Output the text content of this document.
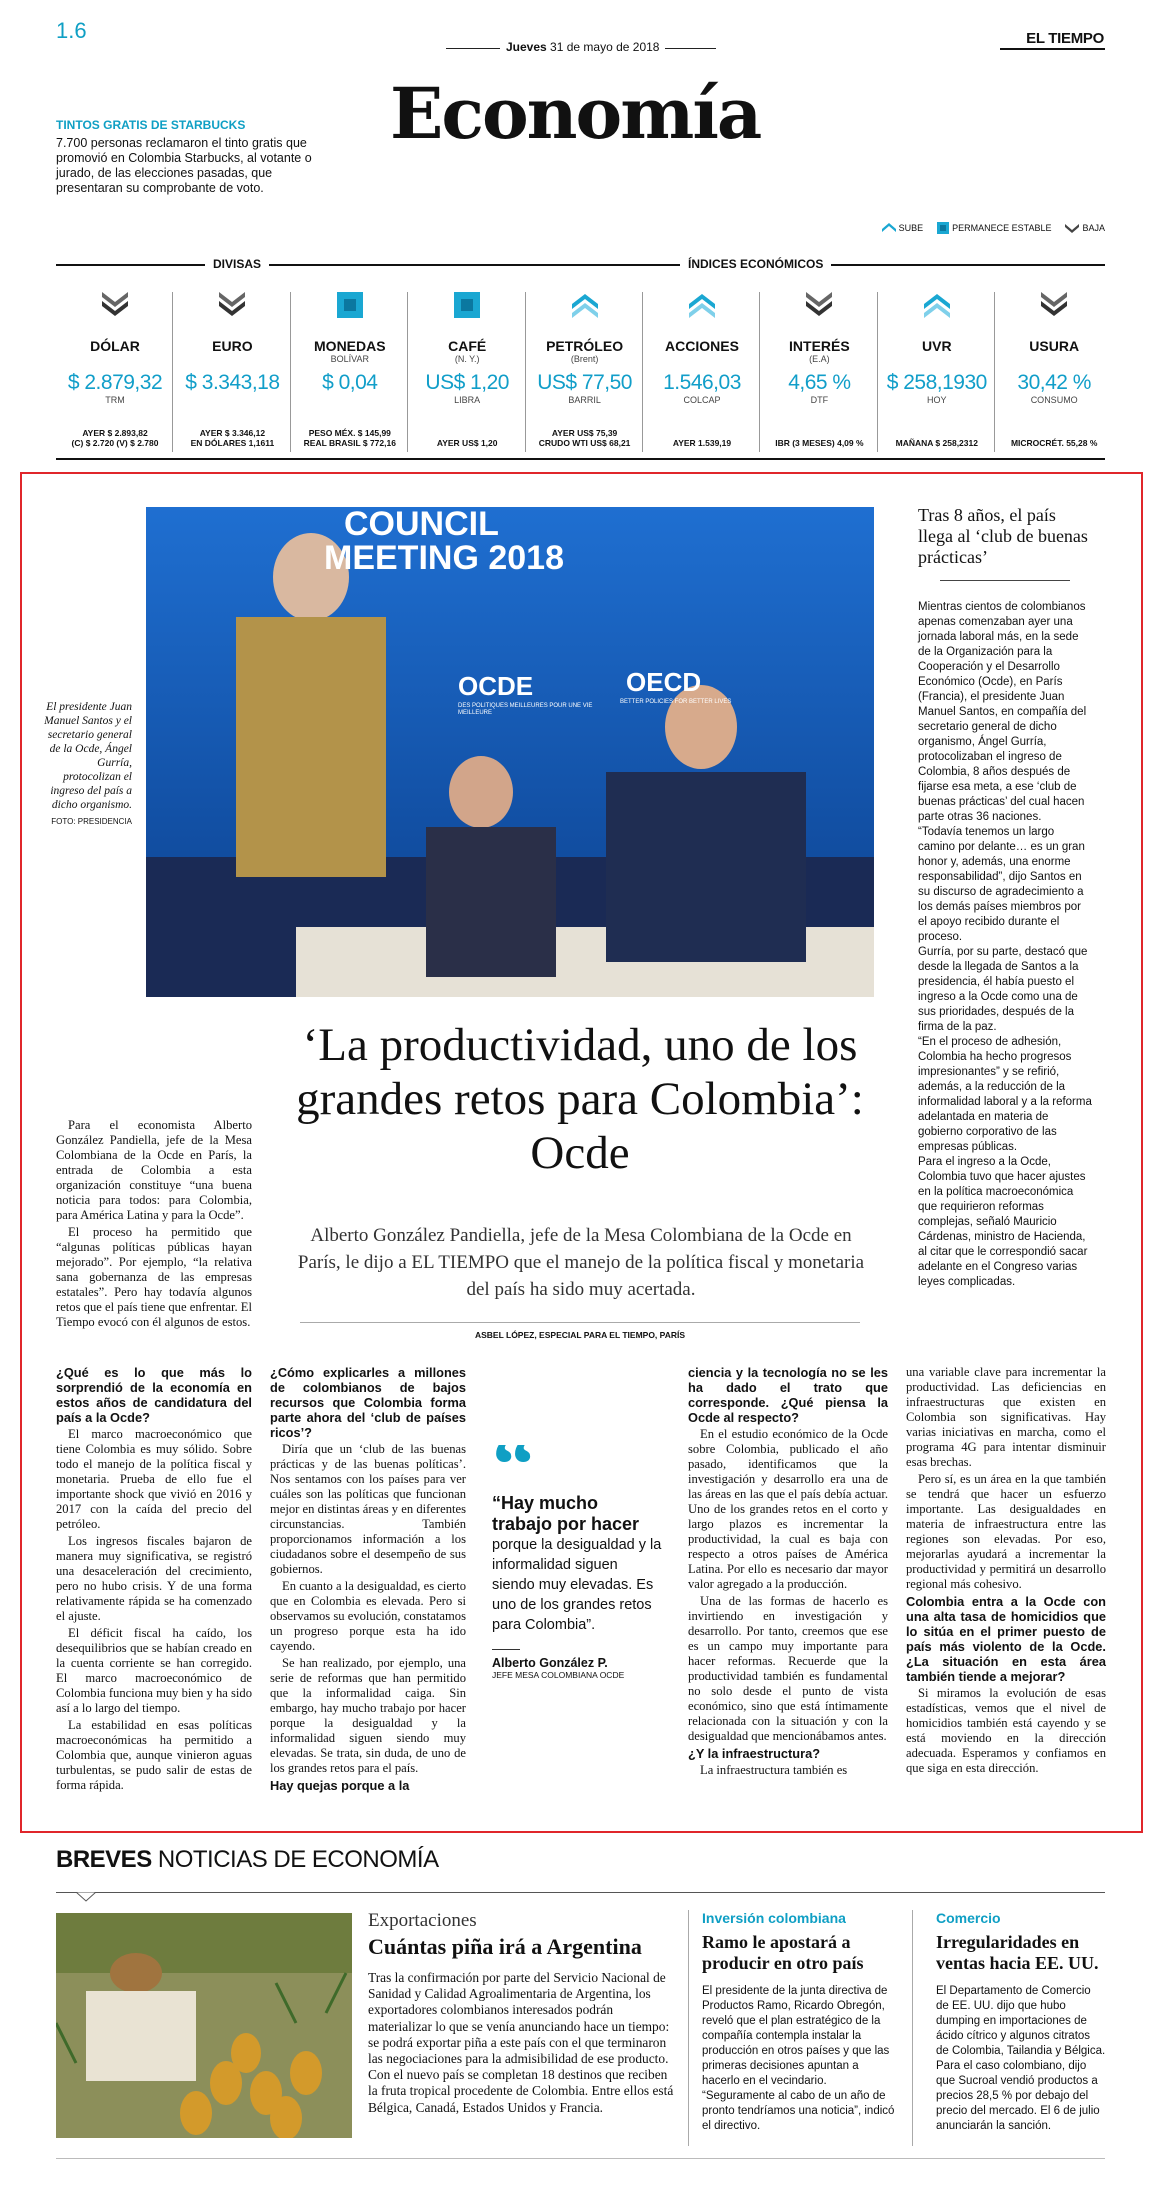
1.6
Jueves 31 de mayo de 2018	EL TIEMPO
Economía
TINTOS GRATIS DE STARBUCKS
7.700 personas reclamaron el tinto gratis que promovió en Colombia Starbucks, al votante o jurado, de las elecciones pasadas, que presentaran su comprobante de voto.
SUBE	PERMANECE ESTABLE	BAJA
DIVISAS	ÍNDICES ECONÓMICOS
DÓLAR
$ 2.879,32
TRM
AYER $ 2.893,82
(C) $ 2.720 (V) $ 2.780
EURO
$ 3.343,18
AYER $ 3.346,12
EN DÓLARES 1,1611
MONEDAS
BOLÍVAR
$ 0,04
PESO MÉX. $ 145,99
REAL BRASIL $ 772,16
CAFÉ
(N. Y.)
US$ 1,20
LIBRA
AYER US$ 1,20
PETRÓLEO
(Brent)
US$ 77,50
BARRIL
AYER US$ 75,39
CRUDO WTI US$ 68,21
ACCIONES
1.546,03
COLCAP
AYER 1.539,19
INTERÉS
(E.A)
4,65 %
DTF
IBR (3 MESES) 4,09 %
UVR
$ 258,1930
HOY
MAÑANA $ 258,2312
USURA
30,42 %
CONSUMO
MICROCRÉT. 55,28 %
COUNCIL
MEETING 2018
OCDE
DES POLITIQUES MEILLEURES POUR UNE VIE MEILLEURE
OECD
BETTER POLICIES FOR BETTER LIVES
El presidente Juan Manuel Santos y el secretario general de la Ocde, Ángel Gurría, protocolizan el ingreso del país a dicho organismo.
FOTO: PRESIDENCIA
Tras 8 años, el país llega al ‘club de buenas prácticas’

Mientras cientos de colombianos apenas comenzaban ayer una jornada laboral más, en la sede de la Organización para la Cooperación y el Desarrollo Económico (Ocde), en París (Francia), el presidente Juan Manuel Santos, en compañía del secretario general de dicho organismo, Ángel Gurría, protocolizaban el ingreso de Colombia, 8 años después de fijarse esa meta, a ese ‘club de buenas prácticas’ del cual hacen parte otras 36 naciones.

“Todavía tenemos un largo camino por delante… es un gran honor y, además, una enorme responsabilidad”, dijo Santos en su discurso de agradecimiento a los demás países miembros por el apoyo recibido durante el proceso.

Gurría, por su parte, destacó que desde la llegada de Santos a la presidencia, él había puesto el ingreso a la Ocde como una de sus prioridades, después de la firma de la paz.

“En el proceso de adhesión, Colombia ha hecho progresos impresionantes” y se refirió, además, a la reducción de la informalidad laboral y a la reforma adelantada en materia de gobierno corporativo de las empresas públicas.

Para el ingreso a la Ocde, Colombia tuvo que hacer ajustes en la política macroeconómica que requirieron reformas complejas, señaló Mauricio Cárdenas, ministro de Hacienda, al citar que le correspondió sacar adelante en el Congreso varias leyes complicadas.

‘La productividad, uno de los grandes retos para Colombia’: Ocde
Alberto González Pandiella, jefe de la Mesa Colombiana de la Ocde en París, le dijo a EL TIEMPO que el manejo de la política fiscal y monetaria del país ha sido muy acertada.
ASBEL LÓPEZ, ESPECIAL PARA EL TIEMPO, PARÍS

Para el economista Alberto González Pandiella, jefe de la Mesa Colombiana de la Ocde en París, la entrada de Colombia a esta organización constituye “una buena noticia para todos: para Colombia, para América Latina y para la Ocde”.

El proceso ha permitido que “algunas políticas públicas hayan mejorado”. Por ejemplo, “la relativa sana gobernanza de las empresas estatales”. Pero hay todavía algunos retos que el país tiene que enfrentar. El Tiempo evocó con él algunos de estos.

¿Qué es lo que más lo sorprendió de la economía en estos años de candidatura del país a la Ocde?

El marco macroeconómico que tiene Colombia es muy sólido. Sobre todo el manejo de la política fiscal y monetaria. Prueba de ello fue el importante shock que vivió en 2016 y 2017 con la caída del precio del petróleo.

Los ingresos fiscales bajaron de manera muy significativa, se registró una desaceleración del crecimiento, pero no hubo crisis. Y de una forma relativamente rápida se ha comenzado el ajuste.

El déficit fiscal ha caído, los desequilibrios que se habían creado en la cuenta corriente se han corregido. El marco macroeconómico de Colombia funciona muy bien y ha sido así a lo largo del tiempo.

La estabilidad en esas políticas macroeconómicas ha permitido a Colombia que, aunque vinieron aguas turbulentas, se pudo salir de estas de forma rápida.

¿Cómo explicarles a millones de colombianos de bajos recursos que Colombia forma parte ahora del ‘club de países ricos’?

Diría que un ‘club de las buenas prácticas y de las buenas políticas’. Nos sentamos con los países para ver cuáles son las políticas que funcionan mejor en distintas áreas y en diferentes circunstancias. También proporcionamos información a los ciudadanos sobre el desempeño de sus gobiernos.

En cuanto a la desigualdad, es cierto que en Colombia es elevada. Pero si observamos su evolución, constatamos un progreso porque esta ha ido cayendo.

Se han realizado, por ejemplo, una serie de reformas que han permitido que la informalidad caiga. Sin embargo, hay mucho trabajo por hacer porque la desigualdad y la informalidad siguen siendo muy elevadas. Se trata, sin duda, de uno de los grandes retos para el país.

Hay quejas porque a la

“Hay mucho trabajo por hacer
porque la desigualdad y la informalidad siguen siendo muy elevadas. Es uno de los grandes retos para Colombia”.
Alberto González P.
JEFE MESA COLOMBIANA OCDE

ciencia y la tecnología no se les ha dado el trato que corresponde. ¿Qué piensa la Ocde al respecto?

En el estudio económico de la Ocde sobre Colombia, publicado el año pasado, identificamos que la investigación y desarrollo era una de las áreas en las que el país debía actuar. Uno de los grandes retos en el corto y largo plazos es incrementar la productividad, la cual es baja con respecto a otros países de América Latina. Por ello es necesario dar mayor valor agregado a la producción.

Una de las formas de hacerlo es invirtiendo en investigación y desarrollo. Por tanto, creemos que ese es un campo muy importante para hacer reformas. Recuerde que la productividad también es fundamental no solo desde el punto de vista económico, sino que está íntimamente relacionada con la situación y con la desigualdad que mencionábamos antes.

¿Y la infraestructura?

La infraestructura también es

una variable clave para incrementar la productividad. Las deficiencias en infraestructuras que existen en Colombia son significativas. Hay varias iniciativas en marcha, como el programa 4G para intentar disminuir esas brechas.

Pero sí, es un área en la que también se tendrá que hacer un esfuerzo importante. Las desigualdades en materia de infraestructura entre las regiones son elevadas. Por eso, mejorarlas ayudará a incrementar la productividad y permitirá un desarrollo regional más cohesivo.

Colombia entra a la Ocde con una alta tasa de homicidios que lo sitúa en el primer puesto de país más violento de la Ocde. ¿La situación en esta área también tiende a mejorar?

Si miramos la evolución de esas estadísticas, vemos que el nivel de homicidios también está cayendo y se está moviendo en la dirección adecuada. Esperamos y confiamos en que siga en esta dirección.

BREVES NOTICIAS DE ECONOMÍA
Exportaciones
Cuántas piña irá a Argentina
Tras la confirmación por parte del Servicio Nacional de Sanidad y Calidad Agroalimentaria de Argentina, los exportadores colombianos interesados podrán materializar lo que se venía anunciando hace un tiempo: se podrá exportar piña a este país con el que terminaron las negociaciones para la admisibilidad de ese producto. Con el nuevo país se completan 18 destinos que reciben la fruta tropical procedente de Colombia. Entre ellos está Bélgica, Canadá, Estados Unidos y Francia.
Inversión colombiana
Ramo le apostará a producir en otro país
El presidente de la junta directiva de Productos Ramo, Ricardo Obregón, reveló que el plan estratégico de la compañía contempla instalar la producción en otros países y que las primeras decisiones apuntan a hacerlo en el vecindario. “Seguramente al cabo de un año de pronto tendríamos una noticia”, indicó el directivo.
Comercio
Irregularidades en ventas hacia EE. UU.
El Departamento de Comercio de EE. UU. dijo que hubo dumping en importaciones de ácido cítrico y algunos citratos de Colombia, Tailandia y Bélgica. Para el caso colombiano, dijo que Sucroal vendió productos a precios 28,5 % por debajo del precio del mercado. El 6 de julio anunciarán la sanción.
